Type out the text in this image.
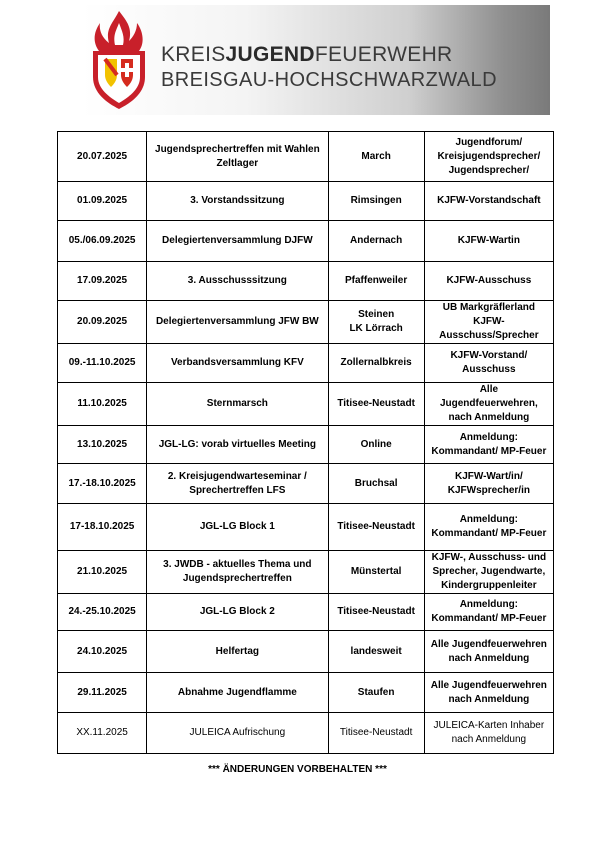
KREISJUGENDFEUERWEHR
BREISGAU-HOCHSCHWARZWALD
20.07.2025	Jugendsprechertreffen mit Wahlen
Zeltlager	March	Jugendforum/
Kreisjugendsprecher/
Jugendsprecher/

01.09.2025	3. Vorstandssitzung	Rimsingen	KJFW-Vorstandschaft

05./06.09.2025	Delegiertenversammlung DJFW	Andernach	KJFW-Wartin

17.09.2025	3. Ausschusssitzung	Pfaffenweiler	KJFW-Ausschuss

20.09.2025	Delegiertenversammlung JFW BW	Steinen
LK Lörrach	UB Markgräflerland
KJFW-Ausschuss/Sprecher

09.-11.10.2025	Verbandsversammlung KFV	Zollernalbkreis	KJFW-Vorstand/
Ausschuss

11.10.2025	Sternmarsch	Titisee-Neustadt	Alle
Jugendfeuerwehren,
nach Anmeldung

13.10.2025	JGL-LG: vorab virtuelles Meeting	Online	Anmeldung:
Kommandant/ MP-Feuer

17.-18.10.2025	2. Kreisjugendwarteseminar /
Sprechertreffen LFS	Bruchsal	KJFW-Wart/in/
KJFWsprecher/in

17-18.10.2025	JGL-LG Block 1	Titisee-Neustadt	Anmeldung:
Kommandant/ MP-Feuer

21.10.2025	3. JWDB - aktuelles Thema und
Jugendsprechertreffen	Münstertal	KJFW-, Ausschuss- und
Sprecher, Jugendwarte,
Kindergruppenleiter

24.-25.10.2025	JGL-LG Block 2	Titisee-Neustadt	Anmeldung:
Kommandant/ MP-Feuer

24.10.2025	Helfertag	landesweit	Alle Jugendfeuerwehren
nach Anmeldung

29.11.2025	Abnahme Jugendflamme	Staufen	Alle Jugendfeuerwehren
nach Anmeldung

XX.11.2025	JULEICA Aufrischung	Titisee-Neustadt	JULEICA-Karten Inhaber
nach Anmeldung
*** ÄNDERUNGEN VORBEHALTEN ***
